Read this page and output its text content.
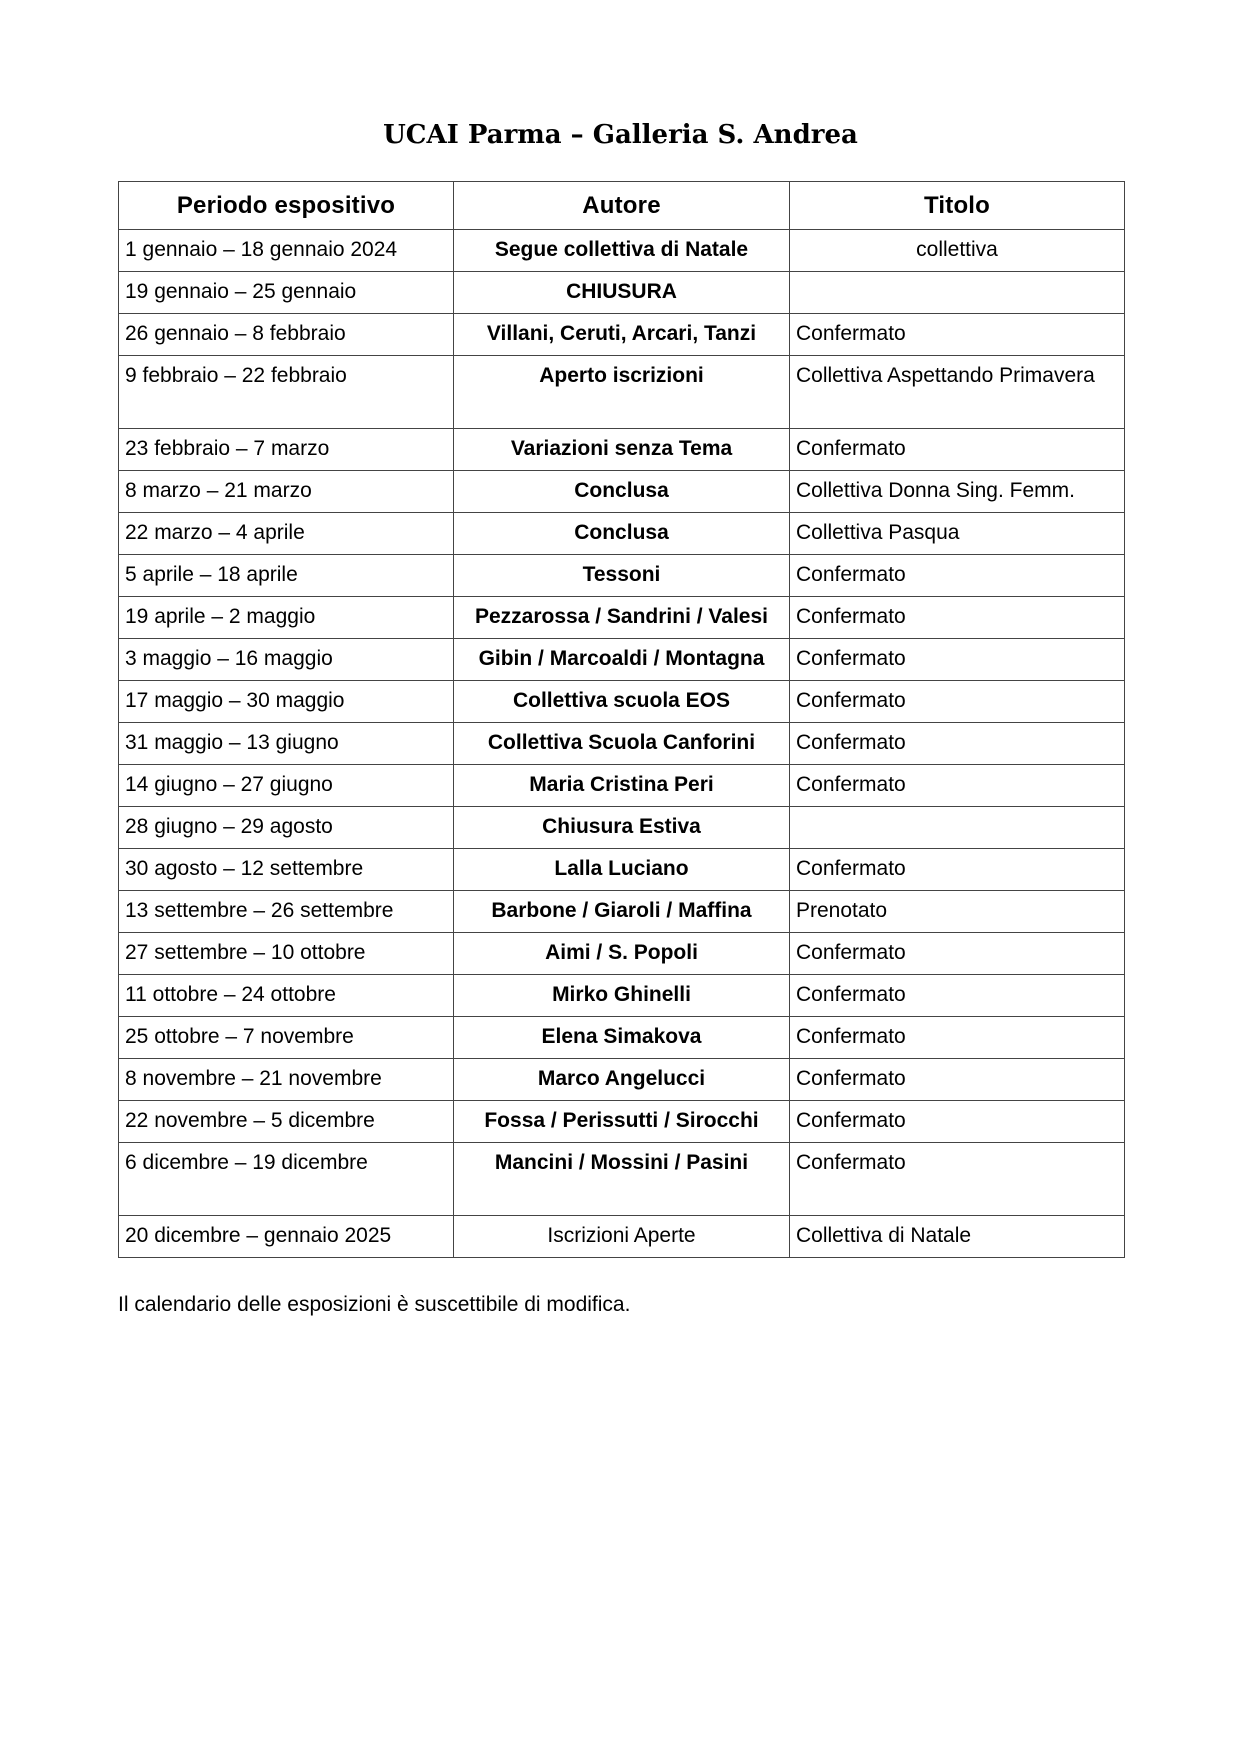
UCAI Parma – Galleria S. Andrea
Periodo espositivo	Autore	Titolo
1 gennaio – 18 gennaio 2024	Segue collettiva di Natale	collettiva
19 gennaio – 25 gennaio	CHIUSURA	
26 gennaio – 8 febbraio	Villani, Ceruti, Arcari, Tanzi	Confermato
9 febbraio – 22 febbraio	Aperto iscrizioni	Collettiva Aspettando Primavera
23 febbraio – 7 marzo	Variazioni senza Tema	Confermato
8 marzo – 21 marzo	Conclusa	Collettiva Donna Sing. Femm.
22 marzo – 4 aprile	Conclusa	Collettiva Pasqua
5 aprile – 18 aprile	Tessoni	Confermato
19 aprile – 2 maggio	Pezzarossa / Sandrini / Valesi	Confermato
3 maggio – 16 maggio	Gibin / Marcoaldi / Montagna	Confermato
17 maggio – 30 maggio	Collettiva scuola EOS	Confermato
31 maggio – 13 giugno	Collettiva Scuola Canforini	Confermato
14 giugno – 27 giugno	Maria Cristina Peri	Confermato
28 giugno – 29 agosto	Chiusura Estiva	
30 agosto – 12 settembre	Lalla Luciano	Confermato
13 settembre – 26 settembre	Barbone / Giaroli / Maffina	Prenotato
27 settembre – 10 ottobre	Aimi / S. Popoli	Confermato
11 ottobre – 24 ottobre	Mirko Ghinelli	Confermato
25 ottobre – 7 novembre	Elena Simakova	Confermato
8 novembre – 21 novembre	Marco Angelucci	Confermato
22 novembre – 5 dicembre	Fossa / Perissutti / Sirocchi	Confermato
6 dicembre – 19 dicembre	Mancini / Mossini / Pasini	Confermato
20 dicembre – gennaio 2025	Iscrizioni Aperte	Collettiva di Natale

Il calendario delle esposizioni è suscettibile di modifica.
